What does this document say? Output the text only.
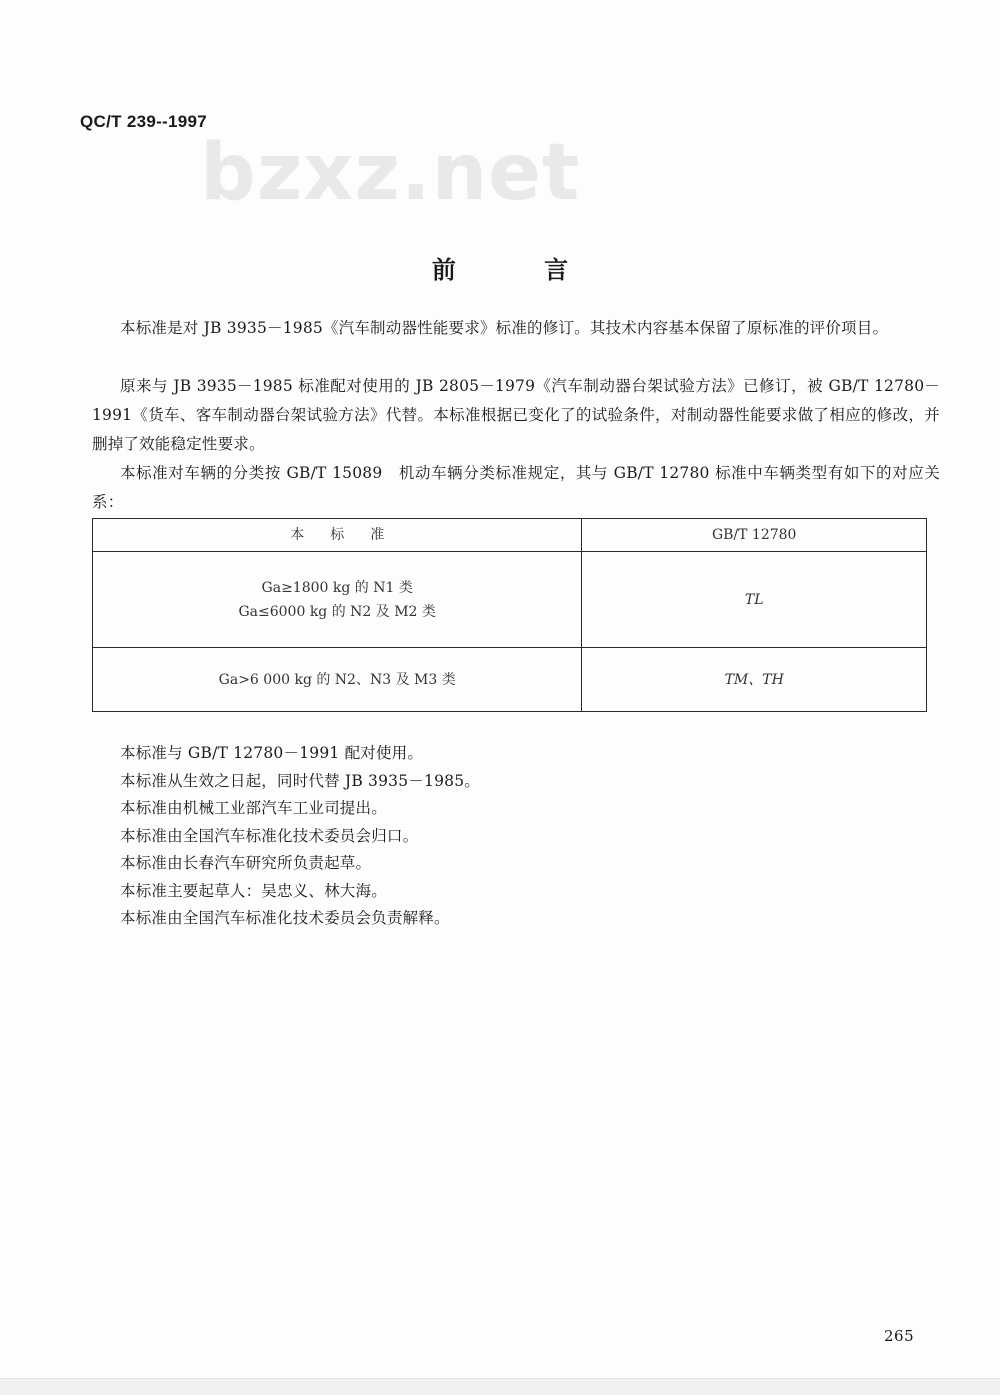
QC/T 239--1997
bzxz.net
前 言

本标准是对 JB 3935－1985《汽车制动器性能要求》标准的修订。其技术内容基本保留了原标准的评价项目。

原来与 JB 3935－1985 标准配对使用的 JB 2805－1979《汽车制动器台架试验方法》已修订，被 GB/T 12780－1991《货车、客车制动器台架试验方法》代替。本标准根据已变化了的试验条件，对制动器性能要求做了相应的修改，并删掉了效能稳定性要求。

本标准对车辆的分类按 GB/T 15089　机动车辆分类标准规定，其与 GB/T 12780 标准中车辆类型有如下的对应关系：

本标准	GB/T 12780

Ga≥1800 kg 的 N1 类
Ga≤6000 kg 的 N2 及 M2 类	TL
Ga>6 000 kg 的 N2、N3 及 M3 类	TM、TH
本标准与 GB/T 12780－1991 配对使用。
本标准从生效之日起，同时代替 JB 3935－1985。
本标准由机械工业部汽车工业司提出。
本标准由全国汽车标准化技术委员会归口。
本标准由长春汽车研究所负责起草。
本标准主要起草人：吴忠义、林大海。
本标准由全国汽车标准化技术委员会负责解释。
265
